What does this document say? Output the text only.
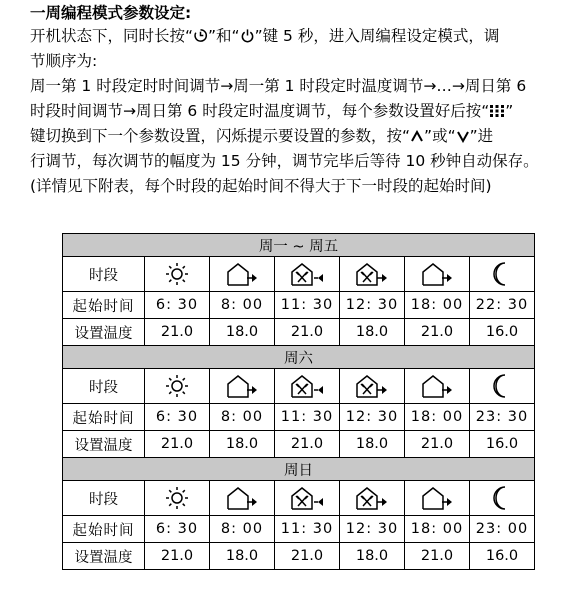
一周编程模式参数设定:
开机状态下，同时长按“ ”和“ ”键 5 秒，进入周编程设定模式，调
节顺序为:
周一第 1 时段定时时间调节→周一第 1 时段定时温度调节→…→周日第 6
时段时间调节→周日第 6 时段定时温度调节，每个参数设置好后按“ ”
键切换到下一个参数设置，闪烁提示要设置的参数，按“ ”或“ ”进
行调节，每次调节的幅度为 15 分钟，调节完毕后等待 10 秒钟自动保存。
(详情见下附表，每个时段的起始时间不得大于下一时段的起始时间)
周一 ~ 周五						
时段	

起始时间	6: 30	8: 00	11: 30	12: 30	18: 00	22: 30
设置温度	21.0	18.0	21.0	18.0	21.0	16.0
周六						
时段	

起始时间	6: 30	8: 00	11: 30	12: 30	18: 00	23: 30
设置温度	21.0	18.0	21.0	18.0	21.0	16.0
周日						
时段	

起始时间	6: 30	8: 00	11: 30	12: 30	18: 00	23: 00
设置温度	21.0	18.0	21.0	18.0	21.0	16.0
